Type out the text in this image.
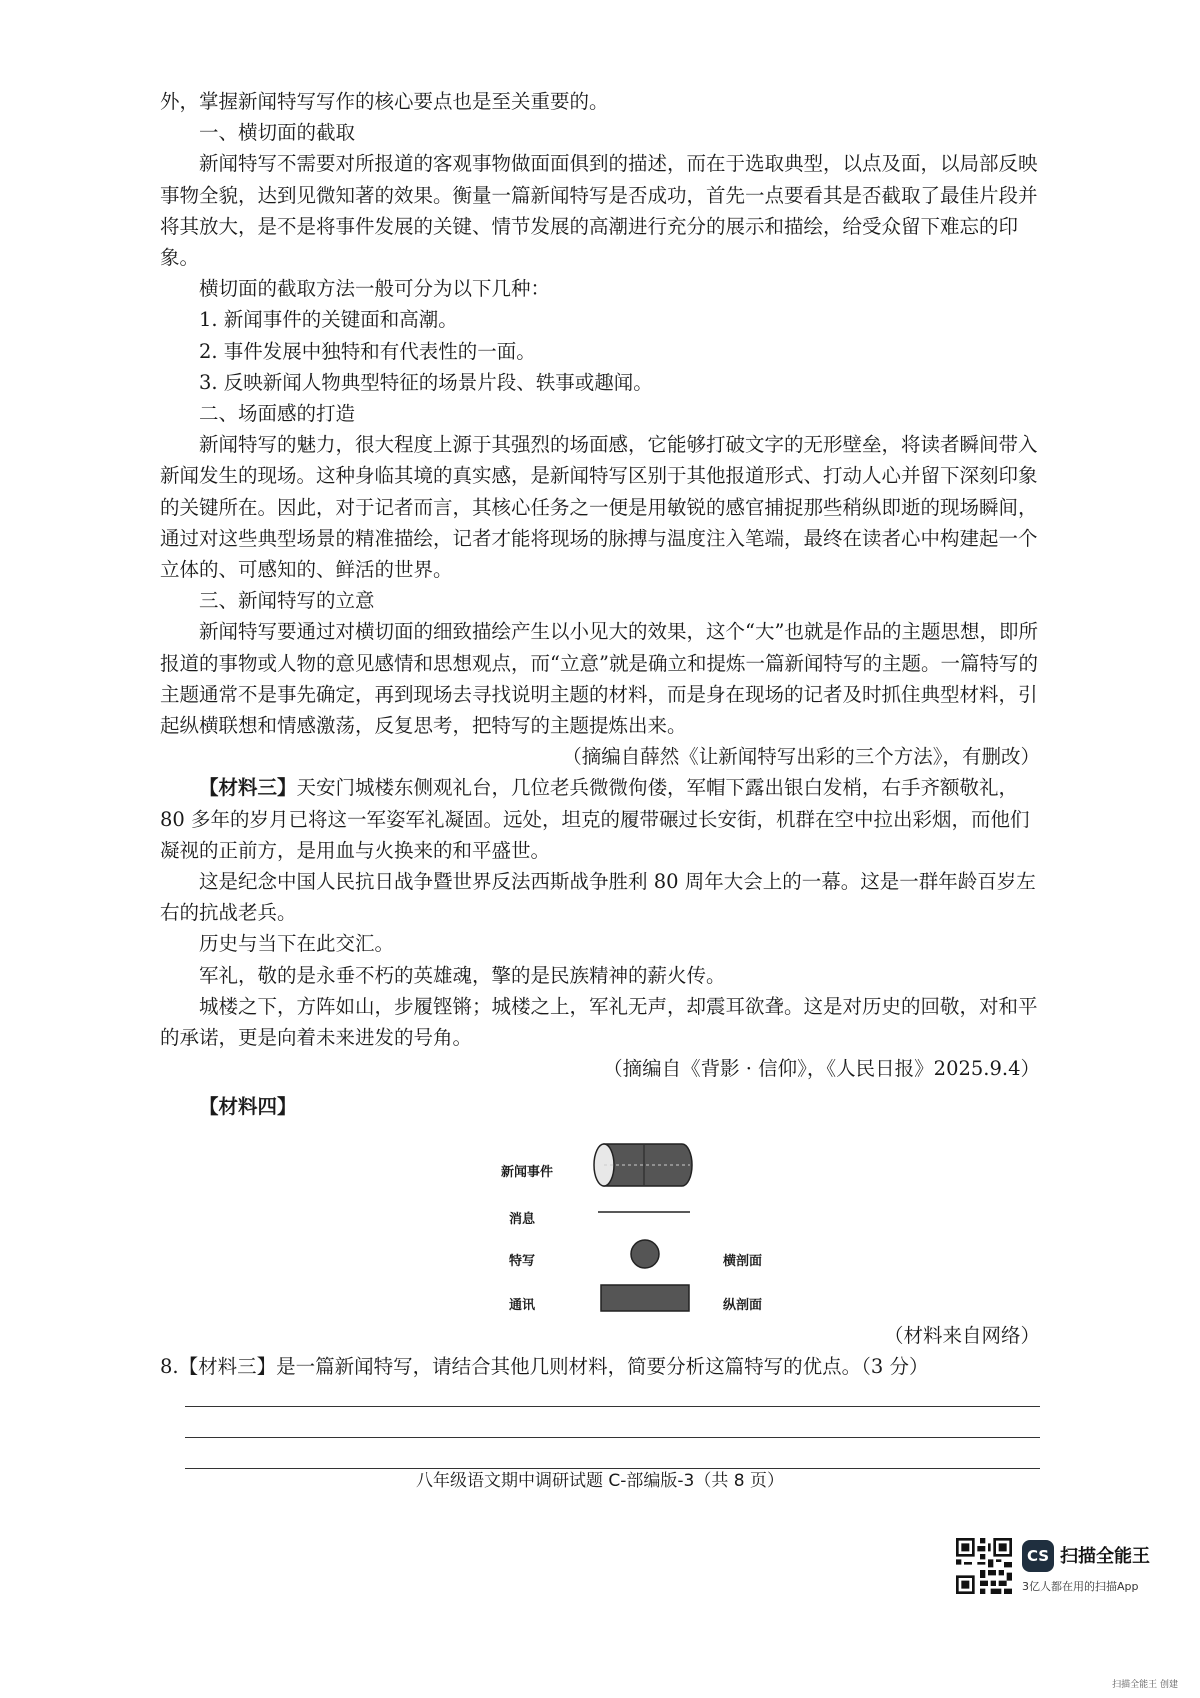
外，掌握新闻特写写作的核心要点也是至关重要的。

一、横切面的截取

新闻特写不需要对所报道的客观事物做面面俱到的描述，而在于选取典型，以点及面，以局部反映事物全貌，达到见微知著的效果。衡量一篇新闻特写是否成功，首先一点要看其是否截取了最佳片段并将其放大，是不是将事件发展的关键、情节发展的高潮进行充分的展示和描绘，给受众留下难忘的印象。

横切面的截取方法一般可分为以下几种：

1. 新闻事件的关键面和高潮。

2. 事件发展中独特和有代表性的一面。

3. 反映新闻人物典型特征的场景片段、轶事或趣闻。

二、场面感的打造

新闻特写的魅力，很大程度上源于其强烈的场面感，它能够打破文字的无形壁垒，将读者瞬间带入新闻发生的现场。这种身临其境的真实感，是新闻特写区别于其他报道形式、打动人心并留下深刻印象的关键所在。因此，对于记者而言，其核心任务之一便是用敏锐的感官捕捉那些稍纵即逝的现场瞬间，通过对这些典型场景的精准描绘，记者才能将现场的脉搏与温度注入笔端，最终在读者心中构建起一个立体的、可感知的、鲜活的世界。

三、新闻特写的立意

新闻特写要通过对横切面的细致描绘产生以小见大的效果，这个“大”也就是作品的主题思想，即所报道的事物或人物的意见感情和思想观点，而“立意”就是确立和提炼一篇新闻特写的主题。一篇特写的主题通常不是事先确定，再到现场去寻找说明主题的材料，而是身在现场的记者及时抓住典型材料，引起纵横联想和情感激荡，反复思考，把特写的主题提炼出来。

（摘编自薛然《让新闻特写出彩的三个方法》，有删改）

【材料三】天安门城楼东侧观礼台，几位老兵微微佝偻，军帽下露出银白发梢，右手齐额敬礼，80 多年的岁月已将这一军姿军礼凝固。远处，坦克的履带碾过长安街，机群在空中拉出彩烟，而他们凝视的正前方，是用血与火换来的和平盛世。

这是纪念中国人民抗日战争暨世界反法西斯战争胜利 80 周年大会上的一幕。这是一群年龄百岁左右的抗战老兵。

历史与当下在此交汇。

军礼，敬的是永垂不朽的英雄魂，擎的是民族精神的薪火传。

城楼之下，方阵如山，步履铿锵；城楼之上，军礼无声，却震耳欲聋。这是对历史的回敬，对和平的承诺，更是向着未来进发的号角。

（摘编自《背影 · 信仰》，《人民日报》2025.9.4）

【材料四】

新闻事件
消息
特写
通讯
横剖面
纵剖面

（材料来自网络）

8.【材料三】是一篇新闻特写，请结合其他几则材料，简要分析这篇特写的优点。（3 分）

八年级语文期中调研试题 C-部编版-3（共 8 页）
CS 扫描全能王
3亿人都在用的扫描App
扫描全能王 创建
